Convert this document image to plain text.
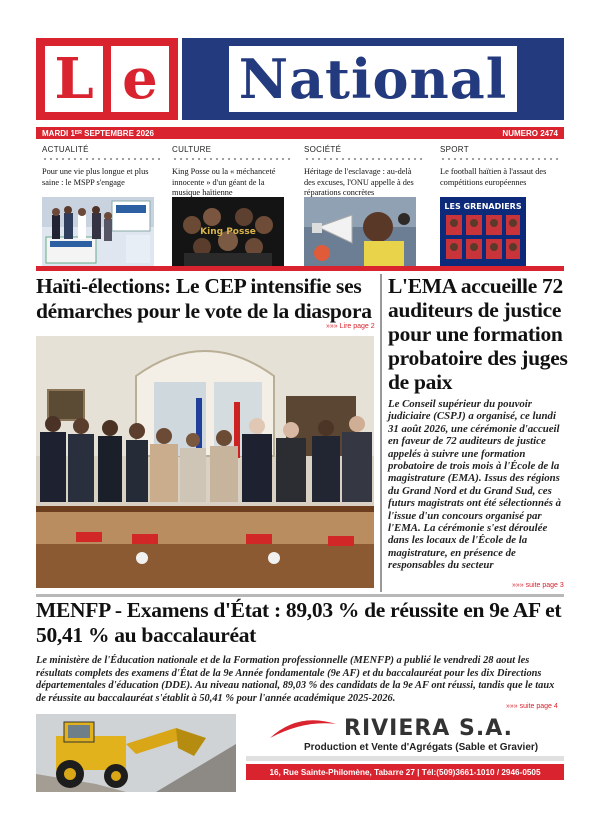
L e National
MARDI 1ᴱᴿ SEPTEMBRE 2026	NUMERO 2474
ACTUALITÉ
Pour une vie plus longue et plus saine : le MSPP s'engage
CULTURE
King Posse ou la « méchanceté innocente » d'un géant de la musique haïtienne
King Posse
SOCIÉTÉ
Héritage de l'esclavage : au-delà des excuses, l'ONU appelle à des réparations concrètes
SPORT
Le football haïtien à l'assaut des compétitions européennes
LES GRENADIERS
Haïti-élections: Le CEP intensifie ses démarches pour le vote de la diaspora
»»» Lire page 2
L'EMA accueille 72 auditeurs de justice pour une formation probatoire des juges de paix

Le Conseil supérieur du pouvoir judiciaire (CSPJ) a organisé, ce lundi 31 août 2026, une cérémonie d'accueil en faveur de 72 auditeurs de justice appelés à suivre une formation probatoire de trois mois à l'École de la magistrature (EMA). Issus des régions du Grand Nord et du Grand Sud, ces futurs magistrats ont été sélectionnés à l'issue d'un concours organisé par l'EMA. La cérémonie s'est déroulée dans les locaux de l'École de la magistrature, en présence de responsables du secteur

»»» suite page 3
MENFP - Examens d'État : 89,03 % de réussite en 9e AF et 50,41 % au baccalauréat

Le ministère de l'Éducation nationale et de la Formation professionnelle (MENFP) a publié le vendredi 28 aout les résultats complets des examens d'État de la 9e Année fondamentale (9e AF) et du baccalauréat pour les dix Directions départementales d'éducation (DDE). Au niveau national, 89,03 % des candidats de la 9e AF ont réussi, tandis que le taux de réussite au baccalauréat s'établit à 50,41 % pour l'année académique 2025-2026.

»»» suite page 4
RIVIERA S.A.
Production et Vente d'Agrégats (Sable et Gravier)
16, Rue Sainte-Philomène, Tabarre 27 | Tél:(509)3661-1010 / 2946-0505
